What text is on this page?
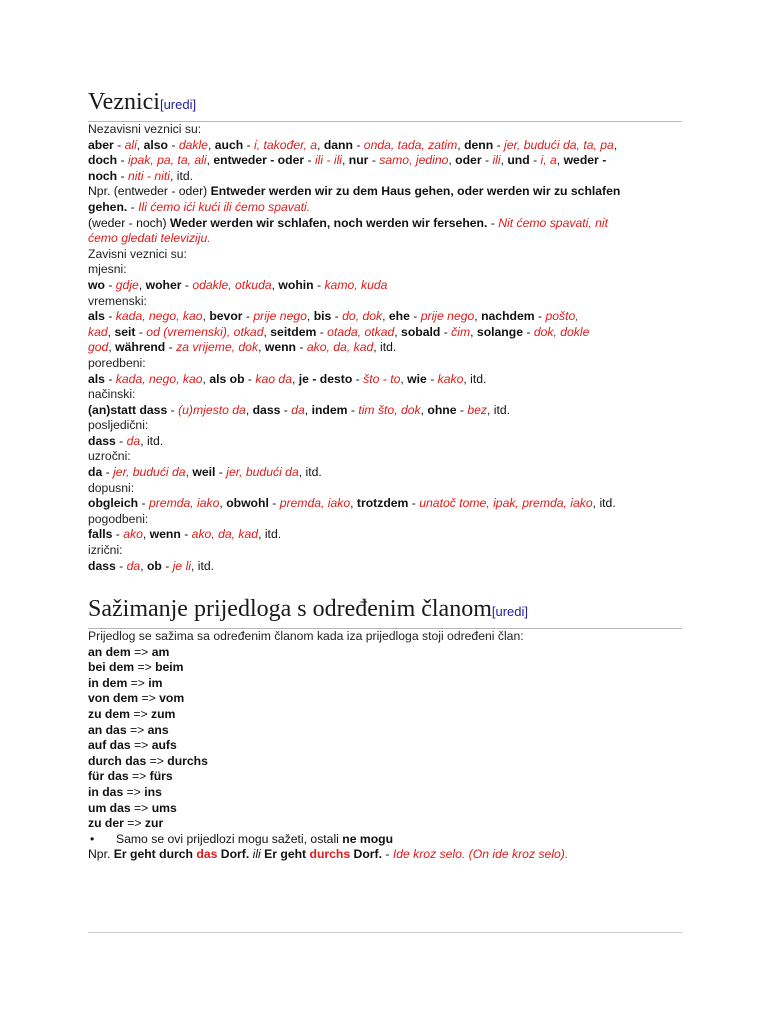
Veznici[uredi]
Nezavisni veznici su:
aber - ali, also - dakle, auch - i, također, a, dann - onda, tada, zatim, denn - jer, budući da, ta, pa,
doch - ipak, pa, ta, ali, entweder - oder - ili - ili, nur - samo, jedino, oder - ili, und - i, a, weder -
noch - niti - niti, itd.
Npr. (entweder - oder) Entweder werden wir zu dem Haus gehen, oder werden wir zu schlafen
gehen. - Ili ćemo ići kući ili ćemo spavati.
(weder - noch) Weder werden wir schlafen, noch werden wir fersehen. - Nit ćemo spavati, nit
ćemo gledati televiziju.
Zavisni veznici su:
mjesni:
wo - gdje, woher - odakle, otkuda, wohin - kamo, kuda
vremenski:
als - kada, nego, kao, bevor - prije nego, bis - do, dok, ehe - prije nego, nachdem - pošto,
kad, seit - od (vremenski), otkad, seitdem - otada, otkad, sobald - čim, solange - dok, dokle
god, während - za vrijeme, dok, wenn - ako, da, kad, itd.
poredbeni:
als - kada, nego, kao, als ob - kao da, je - desto - što - to, wie - kako, itd.
načinski:
(an)statt dass - (u)mjesto da, dass - da, indem - tim što, dok, ohne - bez, itd.
posljedični:
dass - da, itd.
uzročni:
da - jer, budući da, weil - jer, budući da, itd.
dopusni:
obgleich - premda, iako, obwohl - premda, iako, trotzdem - unatoč tome, ipak, premda, iako, itd.
pogodbeni:
falls - ako, wenn - ako, da, kad, itd.
izrični:
dass - da, ob - je li, itd.
Sažimanje prijedloga s određenim članom[uredi]
Prijedlog se sažima sa određenim članom kada iza prijedloga stoji određeni član:
an dem => am
bei dem => beim
in dem => im
von dem => vom
zu dem => zum
an das => ans
auf das => aufs
durch das => durchs
für das => fürs
in das => ins
um das => ums
zu der => zur
• Samo se ovi prijedlozi mogu sažeti, ostali ne mogu
Npr. Er geht durch das Dorf. ili Er geht durchs Dorf. - Ide kroz selo. (On ide kroz selo).
